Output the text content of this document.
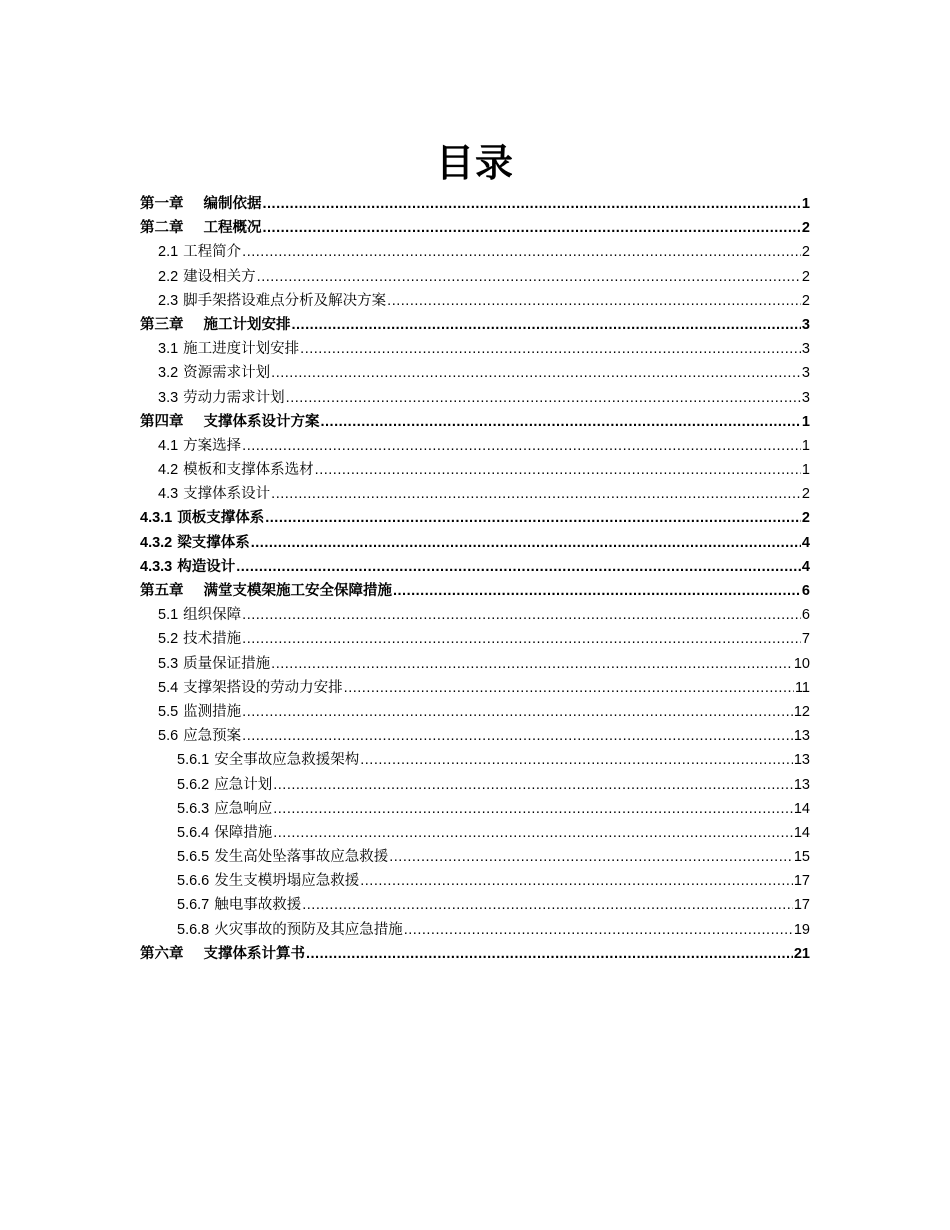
目录
第一章 编制依据 .....	1
第二章 工程概况 .....	2
2.1 工程简介 .....	2
2.2 建设相关方 .....	2
2.3 脚手架搭设难点分析及解决方案 .....	2
第三章 施工计划安排 .....	3
3.1 施工进度计划安排 .....	3
3.2 资源需求计划 .....	3
3.3 劳动力需求计划 .....	3
第四章 支撑体系设计方案 .....	1
4.1 方案选择 .....	1
4.2 模板和支撑体系选材 .....	1
4.3 支撑体系设计 .....	2
4.3.1 顶板支撑体系 .....	2
4.3.2 梁支撑体系 .....	4
4.3.3 构造设计 .....	4
第五章 满堂支模架施工安全保障措施 .....	6
5.1 组织保障 .....	6
5.2 技术措施 .....	7
5.3 质量保证措施 .....	10
5.4 支撑架搭设的劳动力安排 .....	11
5.5 监测措施 .....	12
5.6 应急预案 .....	13
5.6.1 安全事故应急救援架构 .....	13
5.6.2 应急计划 .....	13
5.6.3 应急响应 .....	14
5.6.4 保障措施 .....	14
5.6.5 发生高处坠落事故应急救援 .....	15
5.6.6 发生支模坍塌应急救援 .....	17
5.6.7 触电事故救援 .....	17
5.6.8 火灾事故的预防及其应急措施 .....	19
第六章 支撑体系计算书 .....	21
